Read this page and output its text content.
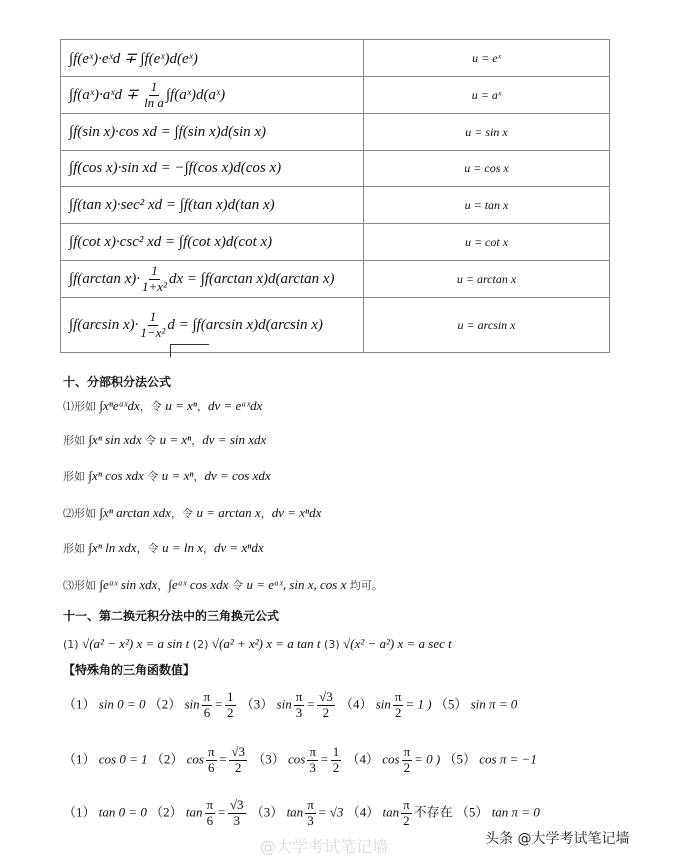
∫f(eˣ)·eˣd ∓ ∫f(eˣ)d(eˣ)	u = eˣ
∫f(aˣ)·aˣd ∓ $\frac{1}{\text{ln a}}$ ∫f(aˣ)d(aˣ)	u = aˣ
∫f(sin x)·cos xd = ∫f(sin x)d(sin x)	u = sin x
∫f(cos x)·sin xd = −∫f(cos x)d(cos x)	u = cos x
∫f(tan x)·sec² xd = ∫f(tan x)d(tan x)	u = tan x
∫f(cot x)·csc² xd = ∫f(cot x)d(cot x)	u = cot x
∫f(arctan $x)\cdot \frac{1}{\text{1+x²}}$ dx = ∫f(arctan x)d(arctan x)	u = arctan x
∫f(arcsin $x)\cdot \frac{1}{\text{1−x²}}$ d = ∫f(arcsin x)d(arcsin x)	u = arcsin x
十、分部积分法公式
⑴形如 ∫xⁿeᵃˣdx，令 u = xⁿ，dv = eᵃˣdx
形如 ∫xⁿ sin xdx 令 u = xⁿ，dv = sin xdx
形如 ∫xⁿ cos xdx 令 u = xⁿ，dv = cos xdx
⑵形如 ∫xⁿ arctan xdx，令 u = arctan x，dv = xⁿdx
形如 ∫xⁿ ln xdx，令 u = ln x，dv = xⁿdx
⑶形如 ∫eᵃˣ sin xdx，∫eᵃˣ cos xdx 令 u = eᵃˣ, sin x, cos x 均可。
十一、第二换元积分法中的三角换元公式
(1) √(a² − x²) x = a sin t (2) √(a² + x²) x = a tan t (3) √(x² − a²) x = a sec t
【特殊角的三角函数值】
（1） sin 0 = 0 （2） $\sin \frac{\pi}{6} = \frac{1}{2} (3)$ $\sin \frac{\pi}{3} = \frac{√3}{2} (4)$ $\sin \frac{\pi}{2} = 1$ ) （5） sin π = 0
（1） cos 0 = 1 （2） $\cos \frac{\pi}{6} = \frac{√3}{2} (3)$ $\cos \frac{\pi}{3} = \frac{1}{2} (4)$ $\cos \frac{\pi}{2} = 0$ ) （5） cos π = −1
（1） tan 0 = 0 （2） $\tan \frac{\pi}{6} = \frac{√3}{3} (3)$ $\tan \frac{\pi}{3} = √3$ （4） $\tan \frac{\pi}{2}$ 不存在 （5） tan π = 0
@大学考试笔记墙	头条 @大学考试笔记墙
